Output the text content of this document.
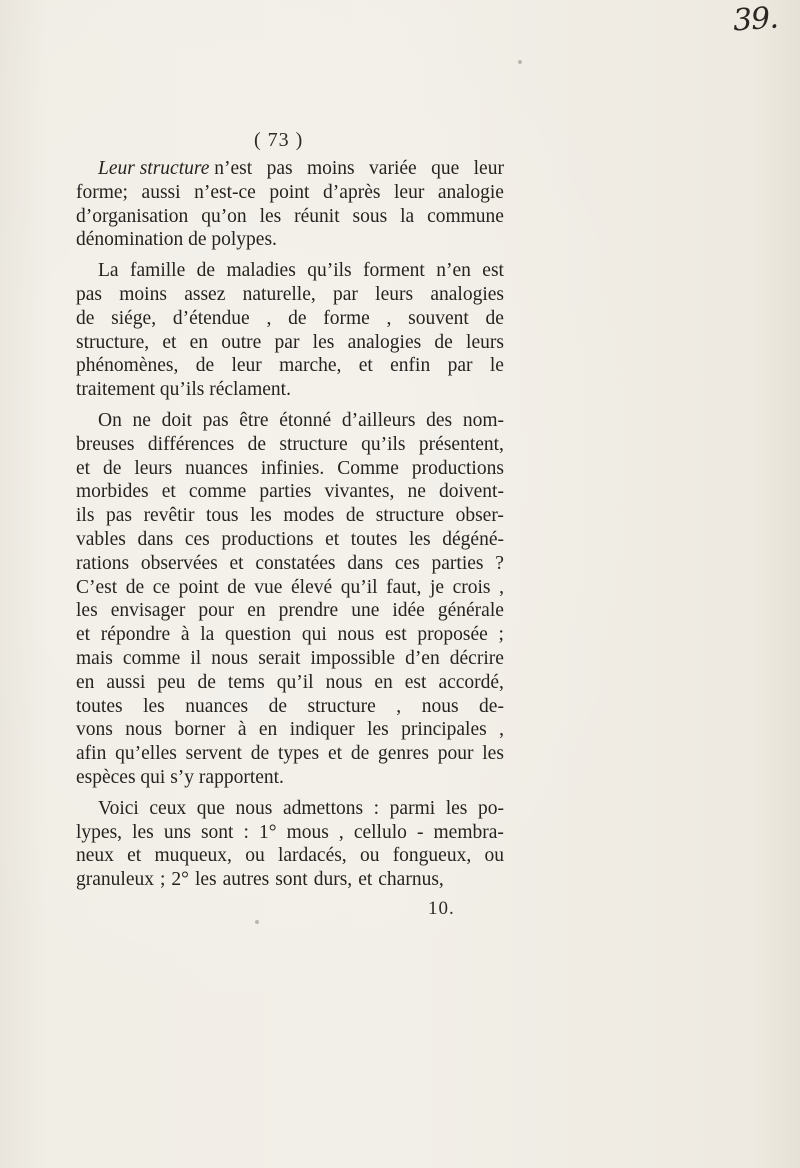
39.
( 73 )
Leur structure n’est pas moins variée que leur
forme; aussi n’est-ce point d’après leur analogie
d’organisation qu’on les réunit sous la commune
dénomination de polypes.
La famille de maladies qu’ils forment n’en est
pas moins assez naturelle, par leurs analogies
de siége, d’étendue , de forme , souvent de
structure, et en outre par les analogies de leurs
phénomènes, de leur marche, et enfin par le
traitement qu’ils réclament.
On ne doit pas être étonné d’ailleurs des nom-
breuses différences de structure qu’ils présentent,
et de leurs nuances infinies. Comme productions
morbides et comme parties vivantes, ne doivent-
ils pas revêtir tous les modes de structure obser-
vables dans ces productions et toutes les dégéné-
rations observées et constatées dans ces parties ?
C’est de ce point de vue élevé qu’il faut, je crois ,
les envisager pour en prendre une idée générale
et répondre à la question qui nous est proposée ;
mais comme il nous serait impossible d’en décrire
en aussi peu de tems qu’il nous en est accordé,
toutes les nuances de structure , nous de-
vons nous borner à en indiquer les principales ,
afin qu’elles servent de types et de genres pour les
espèces qui s’y rapportent.
Voici ceux que nous admettons : parmi les po-
lypes, les uns sont : 1° mous , cellulo - membra-
neux et muqueux, ou lardacés, ou fongueux, ou
granuleux ; 2° les autres sont durs, et charnus,
10.
